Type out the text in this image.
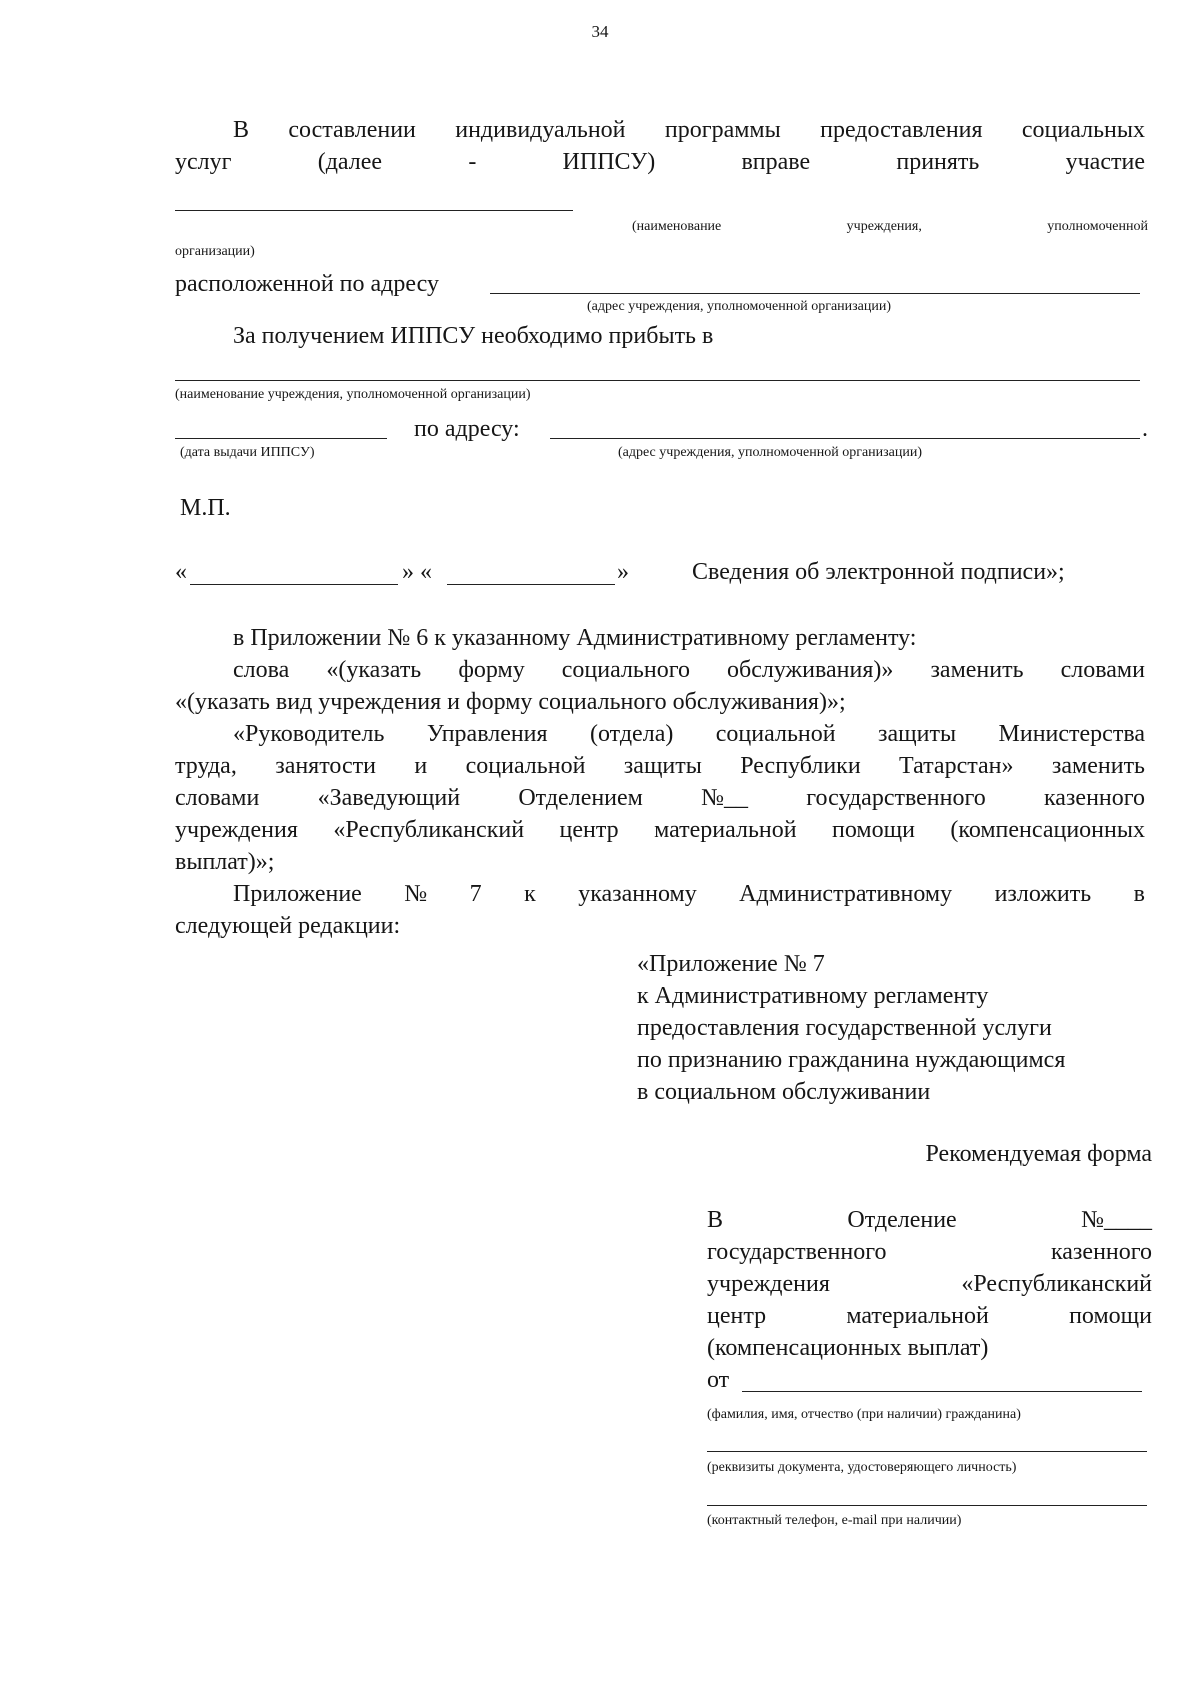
34
В составлении индивидуальной программы предоставления социальных
услуг	(далее	-	ИППСУ)	вправе	принять	участие
(наименование	учреждения,	уполномоченной
организации)
расположенной по адресу
(адрес учреждения, уполномоченной организации)
За получением ИППСУ необходимо прибыть в
(наименование учреждения, уполномоченной организации)
по адресу:	.
(дата выдачи ИППСУ)	(адрес учреждения, уполномоченной организации)
М.П.
«	» «	»	Сведения об электронной подписи»;
в Приложении № 6 к указанному Административному регламенту:
слова «(указать форму социального обслуживания)» заменить словами
«(указать вид учреждения и форму социального обслуживания)»;
«Руководитель Управления (отдела) социальной защиты Министерства
труда, занятости и социальной защиты Республики Татарстан» заменить
словами «Заведующий Отделением №__ государственного казенного
учреждения «Республиканский центр материальной помощи (компенсационных
выплат)»;
Приложение № 7 к указанному Административному изложить в
следующей редакции:
«Приложение № 7
к Административному регламенту
предоставления государственной услуги
по признанию гражданина нуждающимся
в социальном обслуживании
Рекомендуемая форма
В	Отделение	№____
государственного	казенного
учреждения	«Республиканский
центр	материальной	помощи
(компенсационных выплат)
от
(фамилия, имя, отчество (при наличии) гражданина)
(реквизиты документа, удостоверяющего личность)
(контактный телефон, e-mail при наличии)
